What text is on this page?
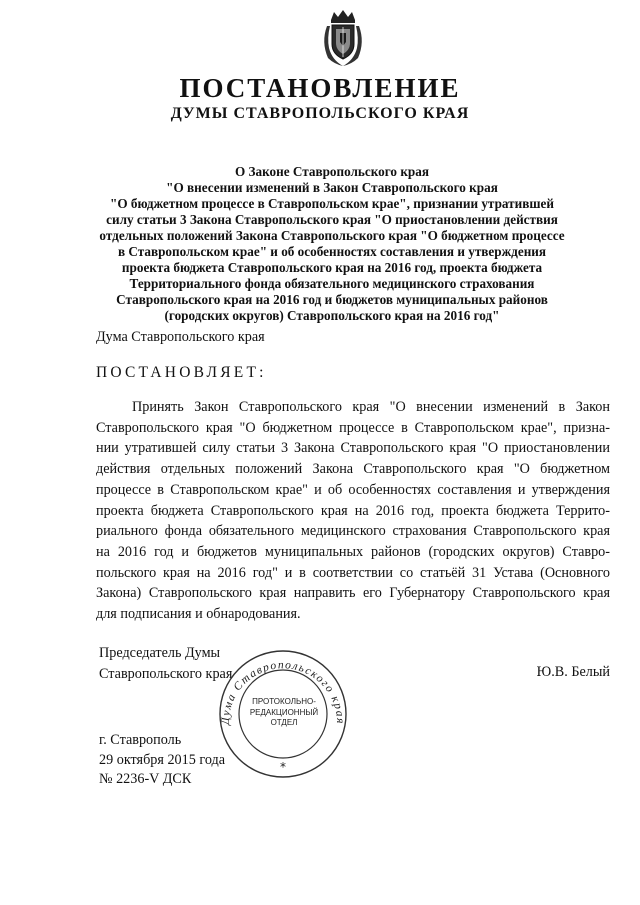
ПОСТАНОВЛЕНИЕ
ДУМЫ СТАВРОПОЛЬСКОГО КРАЯ
О Законе Ставропольского края
"О внесении изменений в Закон Ставропольского края
"О бюджетном процессе в Ставропольском крае", признании утратившей
силу статьи 3 Закона Ставропольского края "О приостановлении действия
отдельных положений Закона Ставропольского края "О бюджетном процессе
в Ставропольском крае" и об особенностях составления и утверждения
проекта бюджета Ставропольского края на 2016 год, проекта бюджета
Территориального фонда обязательного медицинского страхования
Ставропольского края на 2016 год и бюджетов муниципальных районов
(городских округов) Ставропольского края на 2016 год"
Дума Ставропольского края
ПОСТАНОВЛЯЕТ:
Принять Закон Ставропольского края "О внесении изменений в Закон
Ставропольского края "О бюджетном процессе в Ставропольском крае", призна-
нии утратившей силу статьи 3 Закона Ставропольского края "О приостановлении
действия отдельных положений Закона Ставропольского края "О бюджетном
процессе в Ставропольском крае" и об особенностях составления и утверждения
проекта бюджета Ставропольского края на 2016 год, проекта бюджета Террито-
риального фонда обязательного медицинского страхования Ставропольского края
на 2016 год и бюджетов муниципальных районов (городских округов) Ставро-
польского края на 2016 год" и в соответствии со статьёй 31 Устава (Основного
Закона) Ставропольского края направить его Губернатору Ставропольского края
для подписания и обнародования.
Председатель Думы
Ставропольского края	Ю.В. Белый
г. Ставрополь
29 октября 2015 года
№ 2236-V ДСК
Дума Ставропольского края
*
ПРОТОКОЛЬНО-
РЕДАКЦИОННЫЙ
ОТДЕЛ
